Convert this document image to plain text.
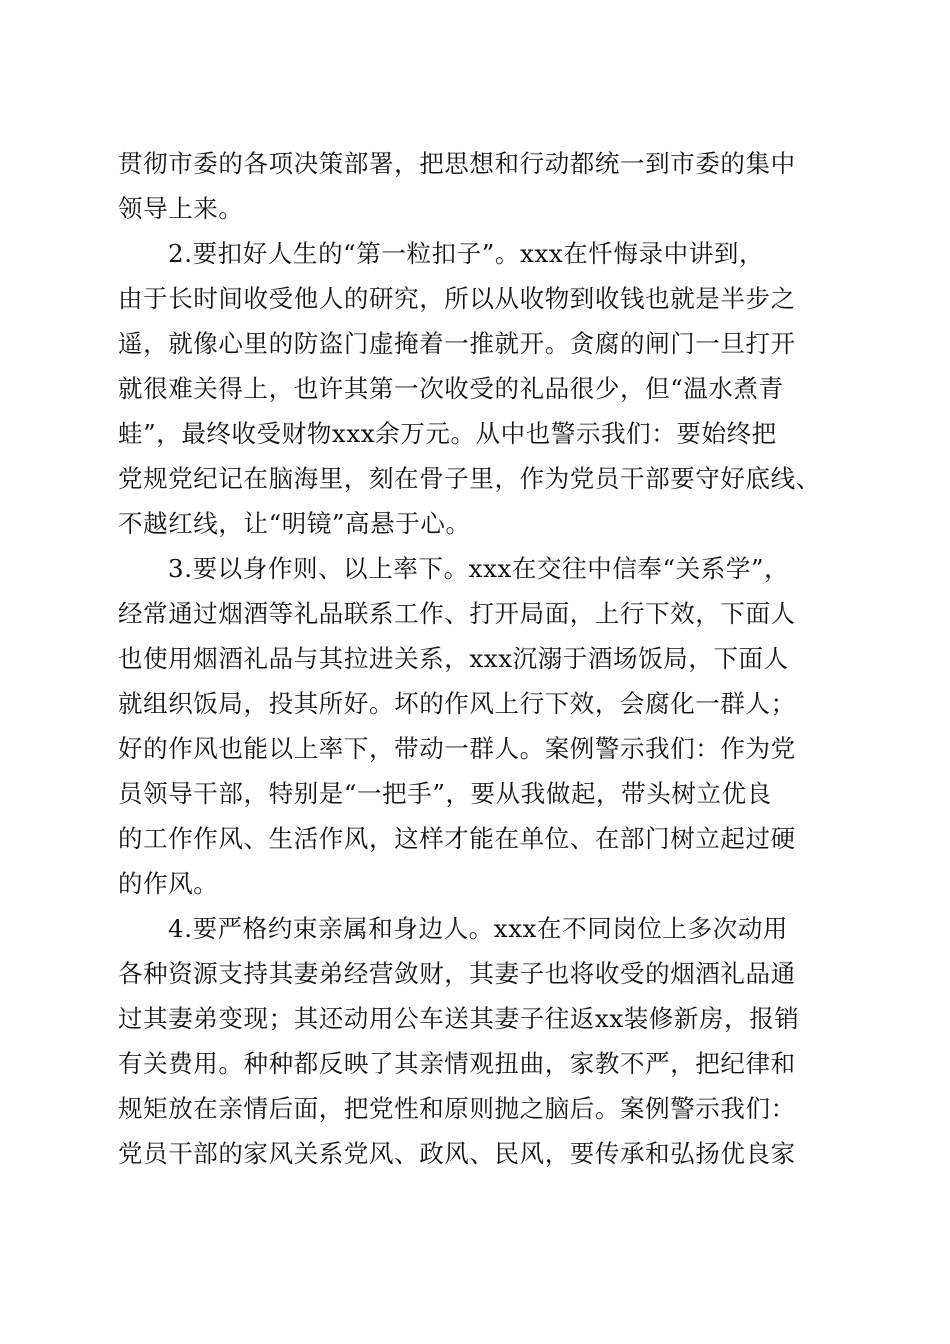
贯彻市委的各项决策部署，把思想和行动都统一到市委的集中
领导上来。
2.要扣好人生的“第一粒扣子”。xxx在忏悔录中讲到，
由于长时间收受他人的研究，所以从收物到收钱也就是半步之
遥，就像心里的防盗门虚掩着一推就开。贪腐的闸门一旦打开
就很难关得上，也许其第一次收受的礼品很少，但“温水煮青
蛙”，最终收受财物xxx余万元。从中也警示我们：要始终把
党规党纪记在脑海里，刻在骨子里，作为党员干部要守好底线、
不越红线，让“明镜”高悬于心。
3.要以身作则、以上率下。xxx在交往中信奉“关系学”，
经常通过烟酒等礼品联系工作、打开局面，上行下效，下面人
也使用烟酒礼品与其拉进关系，xxx沉溺于酒场饭局，下面人
就组织饭局，投其所好。坏的作风上行下效，会腐化一群人；
好的作风也能以上率下，带动一群人。案例警示我们：作为党
员领导干部，特别是“一把手”，要从我做起，带头树立优良
的工作作风、生活作风，这样才能在单位、在部门树立起过硬
的作风。
4.要严格约束亲属和身边人。xxx在不同岗位上多次动用
各种资源支持其妻弟经营敛财，其妻子也将收受的烟酒礼品通
过其妻弟变现；其还动用公车送其妻子往返xx装修新房，报销
有关费用。种种都反映了其亲情观扭曲，家教不严，把纪律和
规矩放在亲情后面，把党性和原则抛之脑后。案例警示我们：
党员干部的家风关系党风、政风、民风，要传承和弘扬优良家
